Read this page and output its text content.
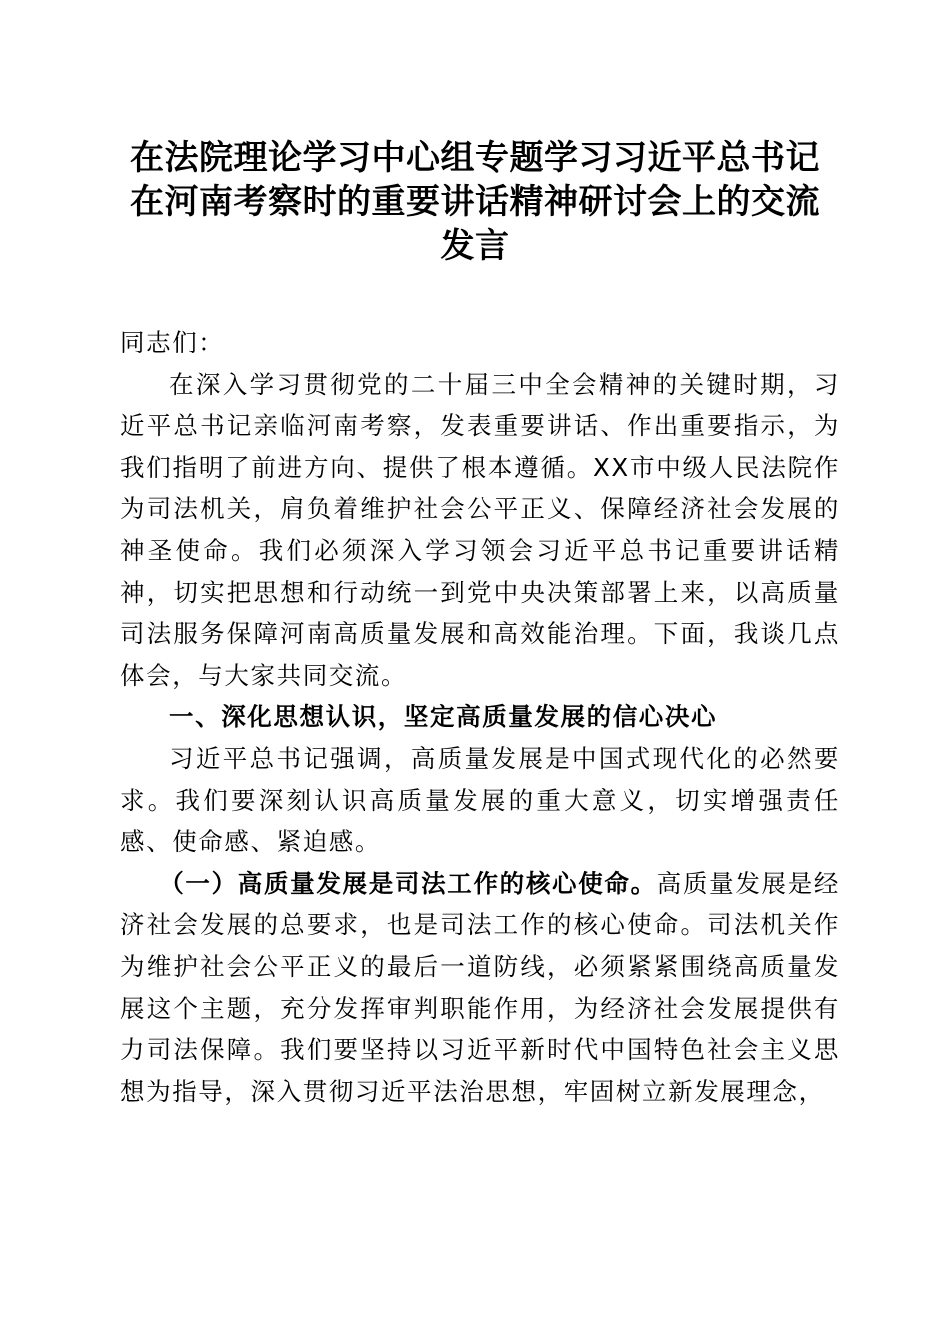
在法院理论学习中心组专题学习习近平总书记
在河南考察时的重要讲话精神研讨会上的交流
发言

同志们：

在深入学习贯彻党的二十届三中全会精神的关键时期，习近平总书记亲临河南考察，发表重要讲话、作出重要指示，为我们指明了前进方向、提供了根本遵循。XX市中级人民法院作为司法机关，肩负着维护社会公平正义、保障经济社会发展的神圣使命。我们必须深入学习领会习近平总书记重要讲话精神，切实把思想和行动统一到党中央决策部署上来，以高质量司法服务保障河南高质量发展和高效能治理。下面，我谈几点体会，与大家共同交流。

一、深化思想认识，坚定高质量发展的信心决心

习近平总书记强调，高质量发展是中国式现代化的必然要求。我们要深刻认识高质量发展的重大意义，切实增强责任感、使命感、紧迫感。

（一）高质量发展是司法工作的核心使命。高质量发展是经济社会发展的总要求，也是司法工作的核心使命。司法机关作为维护社会公平正义的最后一道防线，必须紧紧围绕高质量发展这个主题，充分发挥审判职能作用，为经济社会发展提供有力司法保障。我们要坚持以习近平新时代中国特色社会主义思想为指导，深入贯彻习近平法治思想，牢固树立新发展理念，
